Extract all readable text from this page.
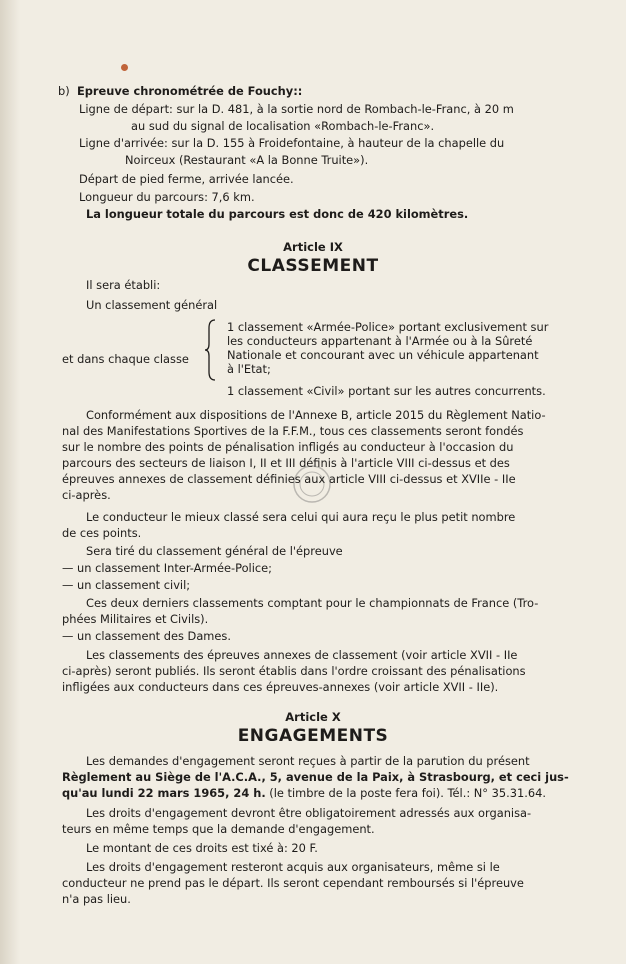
b) Epreuve chronométrée de Fouchy::
Ligne de départ: sur la D. 481, à la sortie nord de Rombach-le-Franc, à 20 m
au sud du signal de localisation «Rombach-le-Franc».
Ligne d'arrivée: sur la D. 155 à Froidefontaine, à hauteur de la chapelle du
Noirceux (Restaurant «A la Bonne Truite»).
Départ de pied ferme, arrivée lancée.
Longueur du parcours: 7,6 km.
La longueur totale du parcours est donc de 420 kilomètres.
Article IX
CLASSEMENT
Il sera établi:
Un classement général
et dans chaque classe
1 classement «Armée-Police» portant exclusivement sur
les conducteurs appartenant à l'Armée ou à la Sûreté
Nationale et concourant avec un véhicule appartenant
à l'Etat;
1 classement «Civil» portant sur les autres concurrents.
Conformément aux dispositions de l'Annexe B, article 2015 du Règlement Natio-
nal des Manifestations Sportives de la F.F.M., tous ces classements seront fondés
sur le nombre des points de pénalisation infligés au conducteur à l'occasion du
parcours des secteurs de liaison I, II et III définis à l'article VIII ci-dessus et des
épreuves annexes de classement définies aux article VIII ci-dessus et XVIIe - IIe
ci-après.
Le conducteur le mieux classé sera celui qui aura reçu le plus petit nombre
de ces points.
Sera tiré du classement général de l'épreuve
— un classement Inter-Armée-Police;
— un classement civil;
Ces deux derniers classements comptant pour le championnats de France (Tro-
phées Militaires et Civils).
— un classement des Dames.
Les classements des épreuves annexes de classement (voir article XVII - IIe
ci-après) seront publiés. Ils seront établis dans l'ordre croissant des pénalisations
infligées aux conducteurs dans ces épreuves-annexes (voir article XVII - IIe).
Article X
ENGAGEMENTS
Les demandes d'engagement seront reçues à partir de la parution du présent
Règlement au Siège de l'A.C.A., 5, avenue de la Paix, à Strasbourg, et ceci jus-
qu'au lundi 22 mars 1965, 24 h. (le timbre de la poste fera foi). Tél.: N° 35.31.64.
Les droits d'engagement devront être obligatoirement adressés aux organisa-
teurs en même temps que la demande d'engagement.
Le montant de ces droits est tixé à: 20 F.
Les droits d'engagement resteront acquis aux organisateurs, même si le
conducteur ne prend pas le départ. Ils seront cependant remboursés si l'épreuve
n'a pas lieu.
